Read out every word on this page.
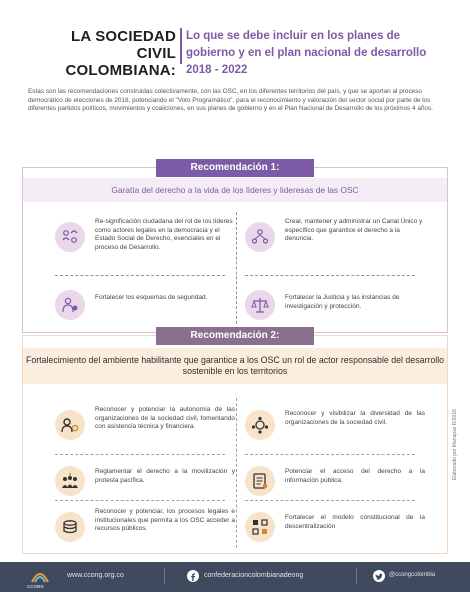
LA SOCIEDAD CIVIL COLOMBIANA:
Lo que se debe incluir en los planes de gobierno y en el plan nacional de desarrollo 2018 - 2022

Estas son las recomendaciones construidas colectivamente, con las OSC, en los diferentes territorios del país, y que se aportan al proceso democrático de elecciones de 2018, potenciando el "Voto Programático", para el reconocimiento y valoración del sector social por parte de los diferentes partidos políticos, movimientos y coaliciones, en sus planes de gobierno y en el Plan Nacional de Desarrollo de los próximos 4 años.

Recomendación 1:
Garatía del derecho a la vida de los líderes y lideresas de las OSC
Re-significación ciudadana del rol de los líderes como actores legales en la democracia y el Estado Social de Derecho, esenciales en el proceso de Desarrollo.
Crear, mantener y administrar un Canal Único y específico que garantice el derecho a la denuncia.
Fortalecer los esquemas de seguridad.	Fortalecer la Justicia y las instancias de investigación y protección.
Recomendación 2:
Fortalecimiento del ambiente habilitante que garantice a los OSC un rol de actor responsable del desarrollo sostenible en los territorios
Reconocer y potenciar la autonomía de las organizaciones de la sociedad civil, fomentando con asistencia técnica y financiera.
Reconocer y visibilizar la diversidad de las organizaciones de la sociedad civil.
Reglamentar el derecho a la movilización y protesta pacífica.
Potenciar el acceso del derecho a la información pública.
Reconocer y potenciar, los procesos legales e institucionales que permita a los OSC acceder a recursos públicos.
Fortalecer el modelo constitucional de la descentralización
Elaborado por Mariapaz R/2018
CCONG
www.ccong.org.co	confederacioncolombianadeong	@ccongcolombia
